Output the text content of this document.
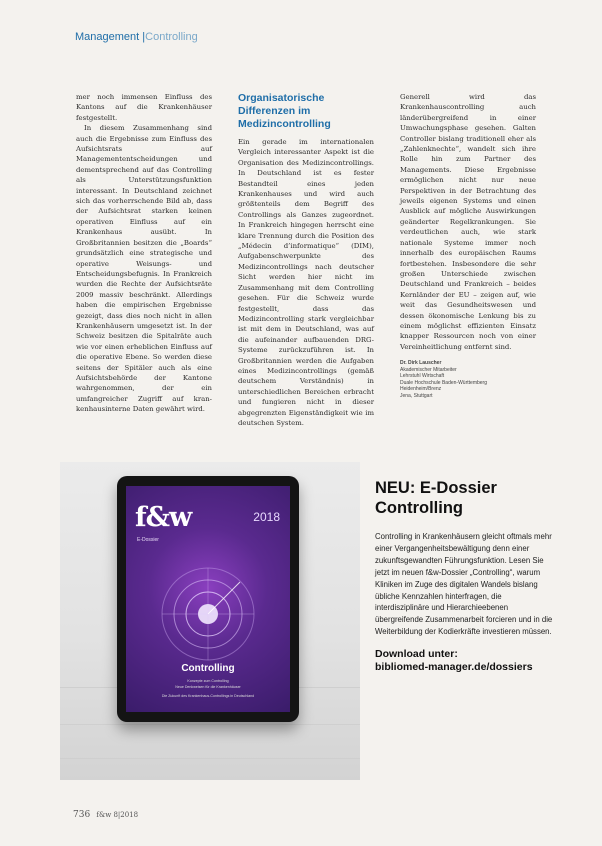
Management |Controlling

mer noch immensen Einfluss des Kantons auf die Krankenhäuser festgestellt.

In diesem Zusammenhang sind auch die Ergebnisse zum Einfluss des Aufsichtsrats auf Managemententscheidungen und dementsprechend auf das Controlling als Unterstützungsfunktion interessant. In Deutschland zeichnet sich das vorherrschende Bild ab, dass der Aufsichtsrat starken keinen operativen Einfluss auf ein Krankenhaus ausübt. In Großbritannien besitzen die „Boards“ grundsätzlich eine strategische und operative Weisungs- und Entscheidungsbefugnis. In Frankreich wurden die Rechte der Aufsichtsräte 2009 massiv beschränkt. Allerdings haben die empirischen Ergebnisse gezeigt, dass dies noch nicht in allen Krankenhäusern umgesetzt ist. In der Schweiz besitzen die Spitalräte auch wie vor einen erheblichen Einfluss auf die operative Ebene. So werden diese seitens der Spitäler auch als eine Aufsichtsbehörde der Kantone wahrgenommen, der ein umfangreicher Zugriff auf kran-kenhausinterne Daten gewährt wird.

Organisatorische Differenzen im Medizincontrolling

Ein gerade im internationalen Vergleich interessanter Aspekt ist die Organisation des Medizincontrollings. In Deutschland ist es fester Bestandteil eines jeden Krankenhauses und wird auch größtenteils dem Begriff des Controllings als Ganzes zugeordnet. In Frankreich hingegen herrscht eine klare Trennung durch die Position des „Médecin d’informatique“ (DIM), Aufgabenschwerpunkte des Medizincontrollings nach deutscher Sicht werden hier nicht im Zusammenhang mit dem Controlling gesehen. Für die Schweiz wurde festgestellt, dass das Medizincontrolling stark vergleichbar ist mit dem in Deutschland, was auf die aufeinander aufbauenden DRG-Systeme zurückzuführen ist. In Großbritannien werden die Aufgaben eines Medizincontrollings (gemäß deutschem Verständnis) in unterschiedlichen Bereichen erbracht und fungieren nicht in dieser abgegrenzten Eigenständigkeit wie im deutschen System.

Generell wird das Krankenhauscontrolling auch länderübergreifend in einer Umwachungsphase gesehen. Galten Controller bislang traditionell eher als „Zahlenknechte“, wandelt sich ihre Rolle hin zum Partner des Managements. Diese Ergebnisse ermöglichen nicht nur neue Perspektiven in der Betrachtung des jeweils eigenen Systems und einen Ausblick auf mögliche Auswirkungen geänderter Regelkrankungen. Sie verdeutlichen auch, wie stark nationale Systeme immer noch innerhalb des europäischen Raums fortbestehen. Insbesondere die sehr großen Unterschiede zwischen Deutschland und Frankreich – beides Kernländer der EU – zeigen auf, wie weit das Gesundheitswesen und dessen ökonomische Lenkung bis zu einem möglichst effizienten Einsatz knapper Ressourcen noch von einer Vereinheitlichung entfernt sind.

Dr. Dirk Lauscher
Akademischer Mitarbeiter
Lehrstuhl Wirtschaft
Duale Hochschule Baden-Württemberg
Heidenheim/Brenz
Jena, Stuttgart
f&w
E-Dossier
2018
Controlling
Konzepte zum Controlling
Neue Denkweisen für die Krankenhäuser
Die Zukunft des Krankenhaus-Controllings in Deutschland
NEU: E-Dossier Controlling
Controlling in Krankenhäusern gleicht oftmals mehr einer Vergangenheitsbewältigung denn einer zukunftsgewandten Führungsfunktion. Lesen Sie jetzt im neuen f&w-Dossier „Controlling“, warum Kliniken im Zuge des digitalen Wandels bislang übliche Kennzahlen hinterfragen, die interdisziplinäre und Hierarchieebenen übergreifende Zusammenarbeit forcieren und in die Weiterbildung der Kodierkräfte investieren müssen.
Download unter:
bibliomed-manager.de/dossiers
736 f&w 8|2018
